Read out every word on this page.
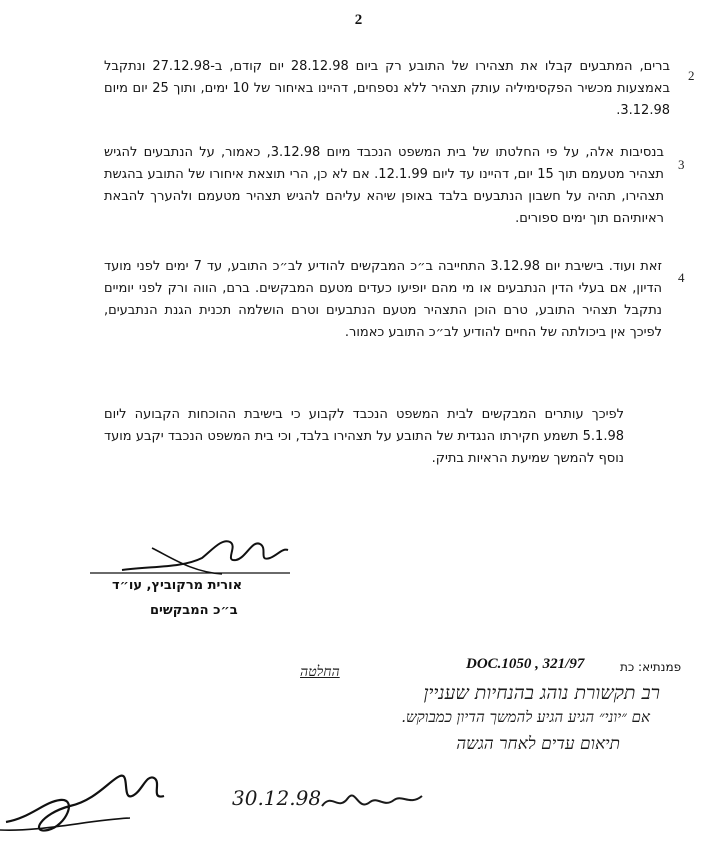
2
2
ברים, המתבעים קבלו את תצהירו של התובע רק ביום 28.12.98 יום קודם, ב-27.12.98 ונתקבל באמצעות מכשיר הפקסימיליה עותק תצהיר ללא נספחים, דהיינו באיחור של 10 ימים, ותוך 25 יום מיום 3.12.98.
3
בנסיבות אלה, על פי החלטתו של בית המשפט הנכבד מיום 3.12.98, כאמור, על הנתבעים להגיש תצהיר מטעמם תוך 15 יום, דהיינו עד ליום 12.1.99. אם לא כן, הרי תוצאת איחורו של התובע בהגשת תצהירו, תהיה על חשבון הנתבעים בלבד באופן שיהא עליהם להגיש תצהיר מטעמם ולהערך להבאת ראיותיהם תוך ימים ספורים.
4
זאת ועוד. בישיבת יום 3.12.98 התחייבה ב״כ המבקשים להודיע לב״כ התובע, עד 7 ימים לפני מועד הדיון, אם בעלי הדין הנתבעים או מי מהם יופיעו כעדים מטעם המבקשים. ברם, הווה ורק לפני יומיים נתקבל תצהיר התובע, טרם הוכן התצהיר מטעם הנתבעים וטרם הושלמה תכנית הגנת הנתבעים, לפיכך אין ביכולתה של החיים להודיע לב״כ התובע כאמור.
לפיכך עותרים המבקשים לבית המשפט הנכבד לקבוע כי בישיבת ההוכחות הקבועה ליום 5.1.98 תשמע חקירתו הנגדית של התובע על תצהירו בלבד, וכי בית המשפט הנכבד יקבע מועד נוסף להמשך שמיעת הראיות בתיק.
אורית מרקוביץ, עו״ד
ב״כ המבקשים
פמנתיא: כת
DOC.1050 , 321/97
החלטה
רב תקשורת נוהג בהנחיות שעניין
אם ״יוני״ הגיע הגיע להמשך הדיון כמבוקש.
תיאום עדים לאחר הגשה
30.12.98
